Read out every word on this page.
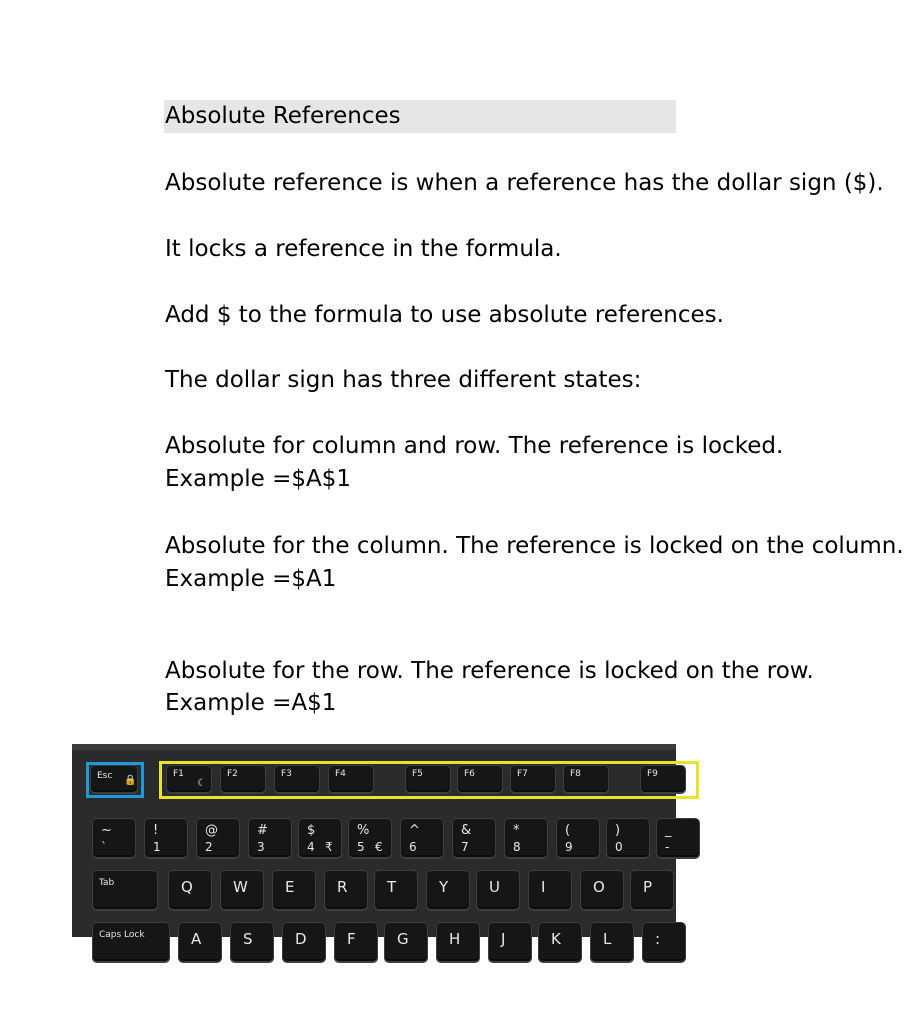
Absolute References
Absolute reference is when a reference has the dollar sign ($).
It locks a reference in the formula.
Add $ to the formula to use absolute references.
The dollar sign has three different states:
Absolute for column and row. The reference is locked.
Example =$A$1
Absolute for the column. The reference is locked on the column.
Example =$A1
Absolute for the row. The reference is locked on the row.
Example =A$1
Esc 🔒
F1
☾
F2	F3	F4	F5	F6	F7	F8	F9
~
`
!
1
@
2
#
3
$
4 ₹
%
5 €
^
6
&
7
*
8
(
9
)
0
_
-
Tab	Q	W E	R	T	Y	U	I	O	P
Caps Lock	A	S	D	F	G	H	J	K	L	:
